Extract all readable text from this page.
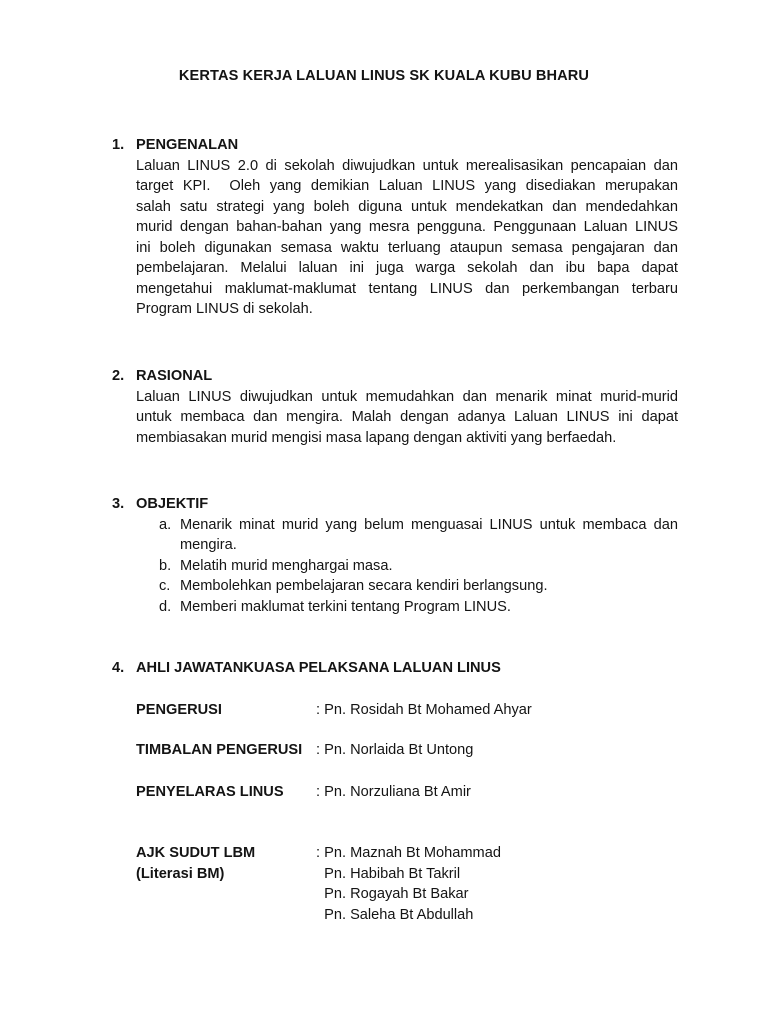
KERTAS KERJA LALUAN LINUS SK KUALA KUBU BHARU
1. PENGENALAN
Laluan LINUS 2.0 di sekolah diwujudkan untuk merealisasikan pencapaian dan
target KPI.  Oleh yang demikian Laluan LINUS yang disediakan merupakan
salah satu strategi yang boleh diguna untuk mendekatkan dan mendedahkan
murid dengan bahan-bahan yang mesra pengguna. Penggunaan Laluan LINUS
ini boleh digunakan semasa waktu terluang ataupun semasa pengajaran dan
pembelajaran. Melalui laluan ini juga warga sekolah dan ibu bapa dapat
mengetahui maklumat-maklumat tentang LINUS dan perkembangan terbaru
Program LINUS di sekolah.
2. RASIONAL
Laluan LINUS diwujudkan untuk memudahkan dan menarik minat murid-murid
untuk membaca dan mengira. Malah dengan adanya Laluan LINUS ini dapat
membiasakan murid mengisi masa lapang dengan aktiviti yang berfaedah.
3. OBJEKTIF
a. Menarik minat murid yang belum menguasai LINUS untuk membaca dan
mengira.
b. Melatih murid menghargai masa.
c. Membolehkan pembelajaran secara kendiri berlangsung.
d. Memberi maklumat terkini tentang Program LINUS.
4. AHLI JAWATANKUASA PELAKSANA LALUAN LINUS
PENGERUSI	: Pn. Rosidah Bt Mohamed Ahyar
TIMBALAN PENGERUSI : Pn. Norlaida Bt Untong
PENYELARAS LINUS	: Pn. Norzuliana Bt Amir
AJK SUDUT LBM
(Literasi BM)
: Pn. Maznah Bt Mohammad
Pn. Habibah Bt Takril
Pn. Rogayah Bt Bakar
Pn. Saleha Bt Abdullah
